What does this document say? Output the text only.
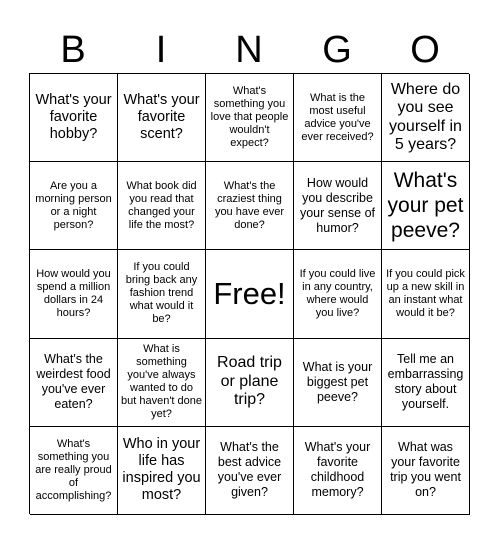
B	I	N	G	O
What's your favorite hobby?
What's your favorite scent?
What's something you love that people wouldn't expect?
What is the most useful advice you've ever received?
Where do you see yourself in 5 years?
Are you a morning person or a night person?
What book did you read that changed your life the most?
What's the craziest thing you have ever done?
How would you describe your sense of humor?
What's your pet peeve?
How would you spend a million dollars in 24 hours?
If you could bring back any fashion trend what would it be?
Free!
If you could live in any country, where would you live?
If you could pick up a new skill in an instant what would it be?
What's the weirdest food you've ever eaten?
What is something you've always wanted to do but haven't done yet?
Road trip or plane trip?
What is your biggest pet peeve?
Tell me an embarrassing story about yourself.
What's something you are really proud of accomplishing?
Who in your life has inspired you most?
What's the best advice you've ever given?
What's your favorite childhood memory?
What was your favorite trip you went on?
